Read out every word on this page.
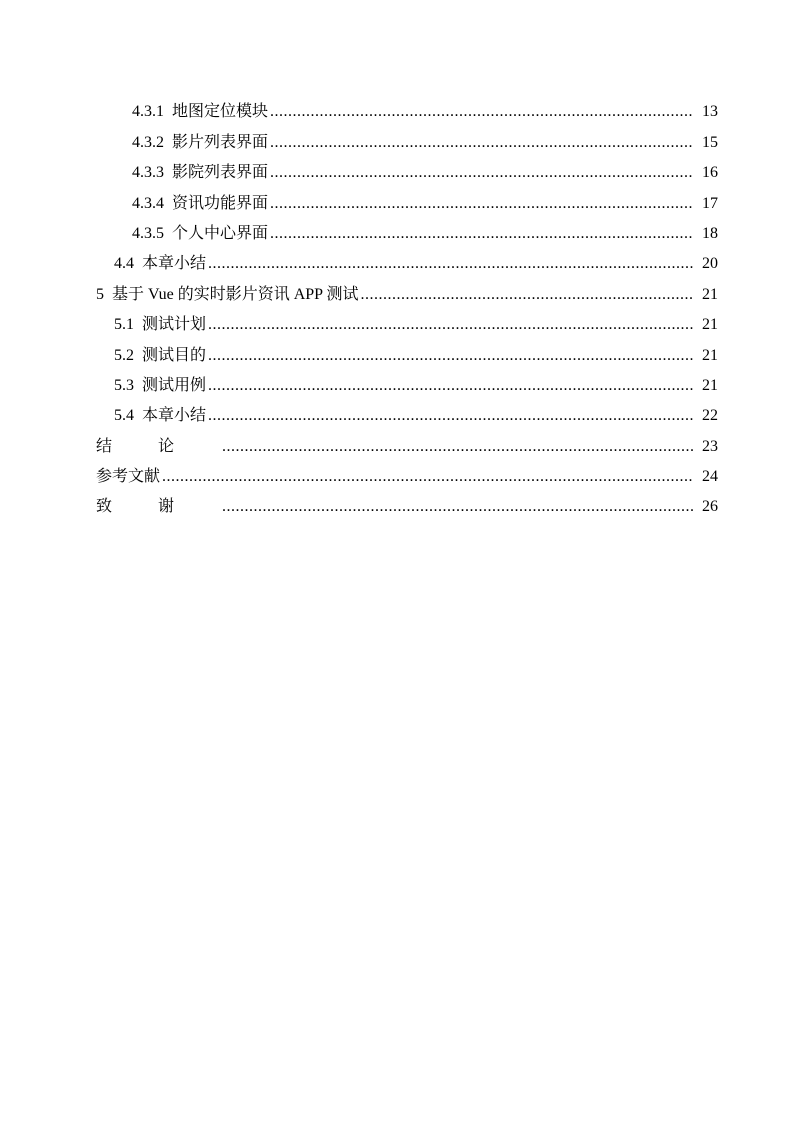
4.3.1 地图定位模块 .....	13
4.3.2 影片列表界面 .....	15
4.3.3 影院列表界面 .....	16
4.3.4 资讯功能界面 .....	17
4.3.5 个人中心界面 .....	18
4.4 本章小结 .....	20
5 基于 Vue 的实时影片资讯 APP 测试 .....	21
5.1 测试计划 .....	21
5.2 测试目的 .....	21
5.3 测试用例 .....	21
5.4 本章小结 .....	22
结论 .....	23
参考文献 .....	24
致谢 .....	26
